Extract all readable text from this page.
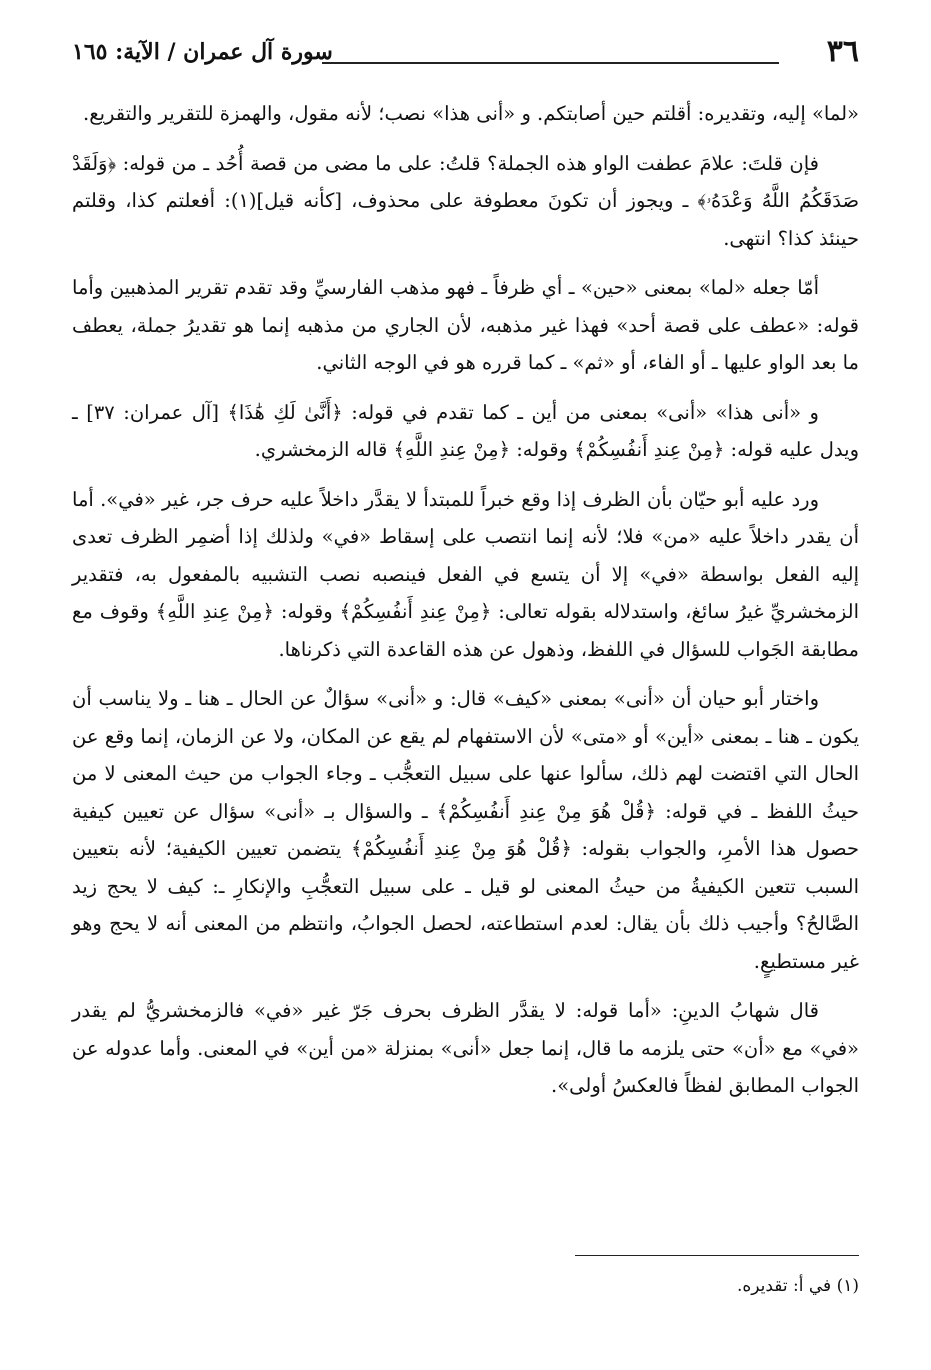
٣٦
سورة آل عمران / الآية: ١٦٥

«لما» إليه، وتقديره: أقلتم حين أصابتكم. و «أنى هذا» نصب؛ لأنه مقول، والهمزة للتقرير والتقريع.

فإن قلتَ: علامَ عطفت الواو هذه الجملة؟ قلتُ: على ما مضى من قصة أُحُد ـ من قوله: ﴿وَلَقَدْ صَدَقَكُمُ اللَّهُ وَعْدَهُۥ﴾ ـ ويجوز أن تكونَ معطوفة على محذوف، [كأنه قيل](١): أفعلتم كذا، وقلتم حينئذ كذا؟ انتهى.

أمّا جعله «لما» بمعنى «حين» ـ أي ظرفاً ـ فهو مذهب الفارسيِّ وقد تقدم تقرير المذهبين وأما قوله: «عطف على قصة أحد» فهذا غير مذهبه، لأن الجاري من مذهبه إنما هو تقديرُ جملة، يعطف ما بعد الواو عليها ـ أو الفاء، أو «ثم» ـ كما قرره هو في الوجه الثاني.

و «أنى هذا» «أنى» بمعنى من أين ـ كما تقدم في قوله: ﴿أَنَّىٰ لَكِ هَٰذَا﴾ [آل عمران: ٣٧] ـ ويدل عليه قوله: ﴿مِنْ عِندِ أَنفُسِكُمْ﴾ وقوله: ﴿مِنْ عِندِ اللَّهِ﴾ قاله الزمخشري.

ورد عليه أبو حيّان بأن الظرف إذا وقع خبراً للمبتدأ لا يقدَّر داخلاً عليه حرف جر، غير «في». أما أن يقدر داخلاً عليه «من» فلا؛ لأنه إنما انتصب على إسقاط «في» ولذلك إذا أضمِر الظرف تعدى إليه الفعل بواسطة «في» إلا أن يتسع في الفعل فينصبه نصب التشبيه بالمفعول به، فتقدير الزمخشريِّ غيرُ سائغ، واستدلاله بقوله تعالى: ﴿مِنْ عِندِ أَنفُسِكُمْ﴾ وقوله: ﴿مِنْ عِندِ اللَّهِ﴾ وقوف مع مطابقة الجَواب للسؤال في اللفظ، وذهول عن هذه القاعدة التي ذكرناها.

واختار أبو حيان أن «أنى» بمعنى «كيف» قال: و «أنى» سؤالٌ عن الحال ـ هنا ـ ولا يناسب أن يكون ـ هنا ـ بمعنى «أين» أو «متى» لأن الاستفهام لم يقع عن المكان، ولا عن الزمان، إنما وقع عن الحال التي اقتضت لهم ذلك، سألوا عنها على سبيل التعجُّب ـ وجاء الجواب من حيث المعنى لا من حيثُ اللفظ ـ في قوله: ﴿قُلْ هُوَ مِنْ عِندِ أَنفُسِكُمْ﴾ ـ والسؤال بـ «أنى» سؤال عن تعيين كيفية حصول هذا الأمرِ، والجواب بقوله: ﴿قُلْ هُوَ مِنْ عِندِ أَنفُسِكُمْ﴾ يتضمن تعيين الكيفية؛ لأنه بتعيين السبب تتعين الكيفيةُ من حيثُ المعنى لو قيل ـ على سبيل التعجُّبِ والإنكارِ ـ: كيف لا يحج زيد الصَّالحُ؟ وأجيب ذلك بأن يقال: لعدم استطاعته، لحصل الجوابُ، وانتظم من المعنى أنه لا يحج وهو غير مستطيعٍ.

قال شهابُ الدينِ: «أما قوله: لا يقدَّر الظرف بحرف جَرّ غير «في» فالزمخشريُّ لم يقدر «في» مع «أن» حتى يلزمه ما قال، إنما جعل «أنى» بمنزلة «من أين» في المعنى. وأما عدوله عن الجواب المطابق لفظاً فالعكسُ أولى».

(١) في أ: تقديره.
